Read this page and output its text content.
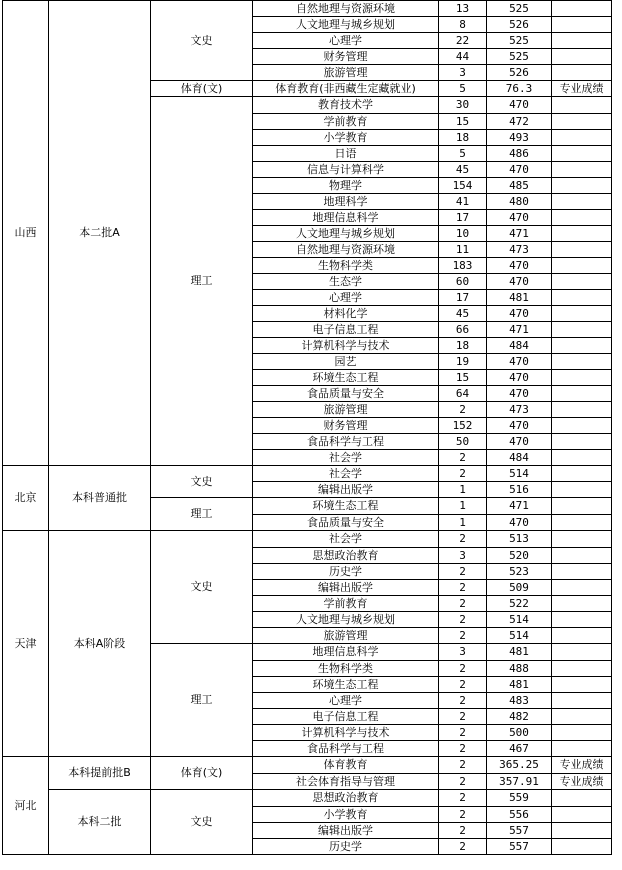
山西	本二批A	文史	自然地理与资源环境	13	525	
			人文地理与城乡规划	8	526	
			心理学	22	525	
			财务管理	44	525	
			旅游管理	3	526	
		体育(文)	体育教育(非西藏生定藏就业)	5	76.3	专业成绩
		理工	教育技术学	30	470	
			学前教育	15	472	
			小学教育	18	493	
			日语	5	486	
			信息与计算科学	45	470	
			物理学	154	485	
			地理科学	41	480	
			地理信息科学	17	470	
			人文地理与城乡规划	10	471	
			自然地理与资源环境	11	473	
			生物科学类	183	470	
			生态学	60	470	
			心理学	17	481	
			材料化学	45	470	
			电子信息工程	66	471	
			计算机科学与技术	18	484	
			园艺	19	470	
			环境生态工程	15	470	
			食品质量与安全	64	470	
			旅游管理	2	473	
			财务管理	152	470	
			食品科学与工程	50	470	
			社会学	2	484	
北京	本科普通批	文史	社会学	2	514	
			编辑出版学	1	516	
		理工	环境生态工程	1	471	
			食品质量与安全	1	470	
天津	本科A阶段	文史	社会学	2	513	
			思想政治教育	3	520	
			历史学	2	523	
			编辑出版学	2	509	
			学前教育	2	522	
			人文地理与城乡规划	2	514	
			旅游管理	2	514	
		理工	地理信息科学	3	481	
			生物科学类	2	488	
			环境生态工程	2	481	
			心理学	2	483	
			电子信息工程	2	482	
			计算机科学与技术	2	500	
			食品科学与工程	2	467	
河北	本科提前批B	体育(文)	体育教育	2	365.25	专业成绩
			社会体育指导与管理	2	357.91	专业成绩
	本科二批	文史	思想政治教育	2	559	
			小学教育	2	556	
			编辑出版学	2	557	
			历史学	2	557	
